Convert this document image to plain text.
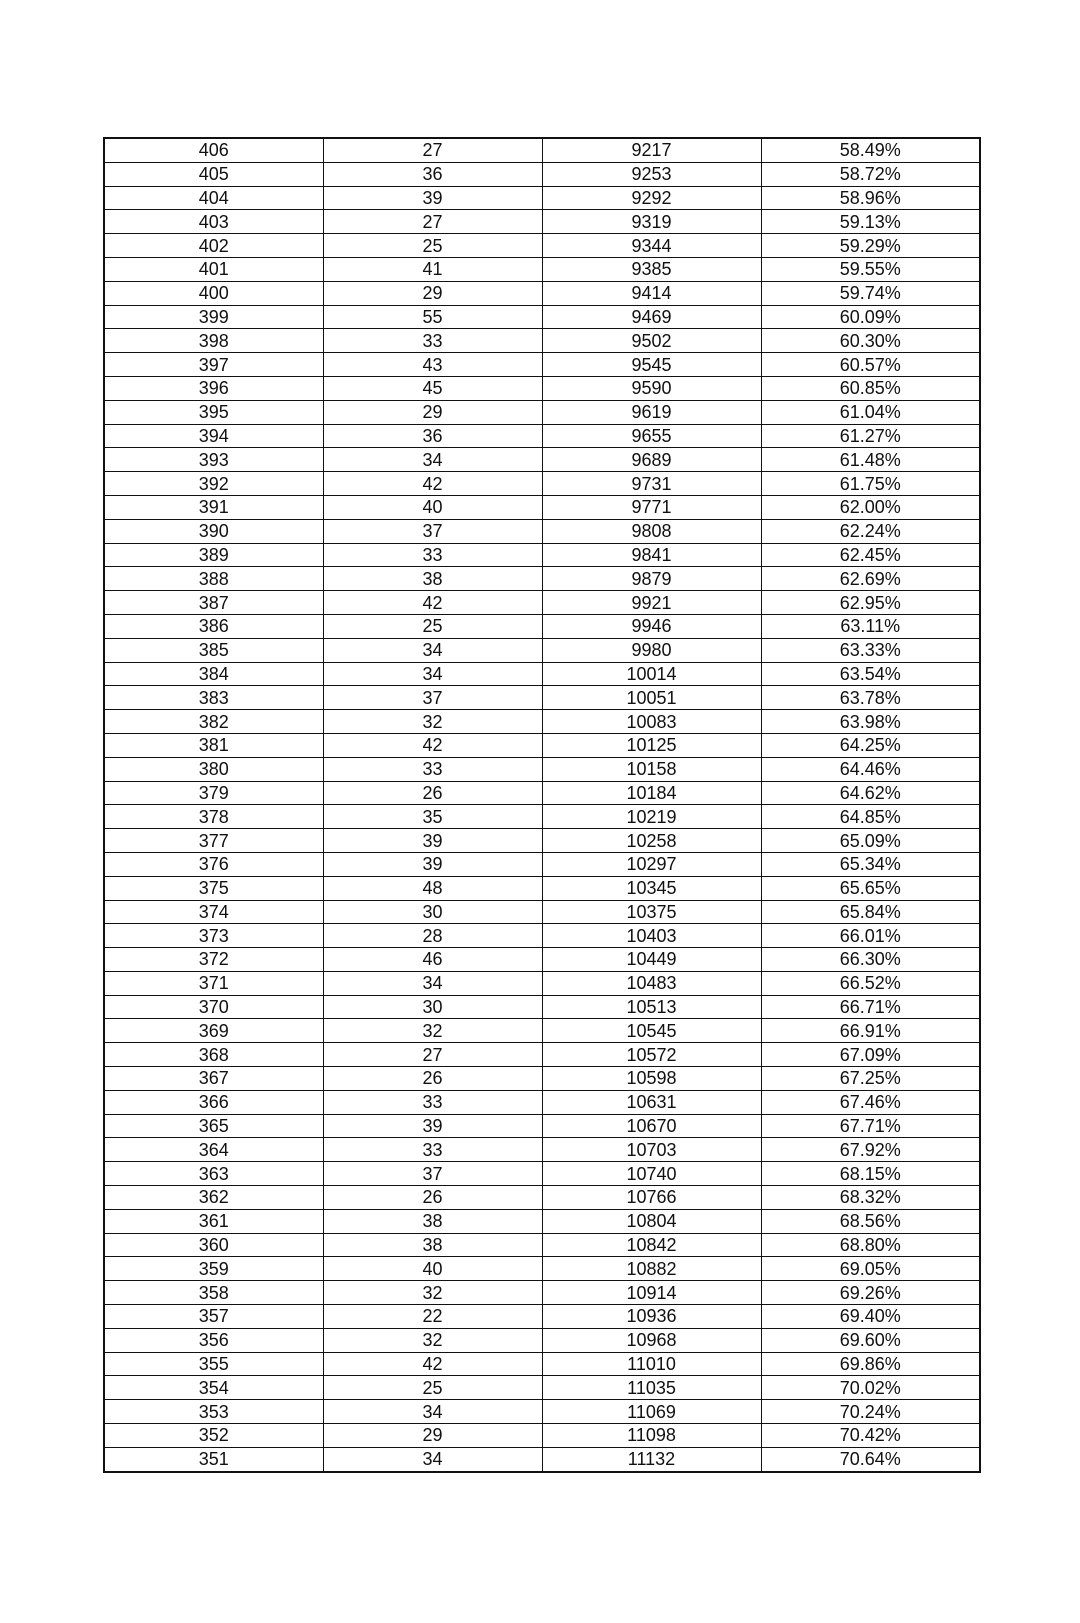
406	27	9217	58.49%
405	36	9253	58.72%
404	39	9292	58.96%
403	27	9319	59.13%
402	25	9344	59.29%
401	41	9385	59.55%
400	29	9414	59.74%
399	55	9469	60.09%
398	33	9502	60.30%
397	43	9545	60.57%
396	45	9590	60.85%
395	29	9619	61.04%
394	36	9655	61.27%
393	34	9689	61.48%
392	42	9731	61.75%
391	40	9771	62.00%
390	37	9808	62.24%
389	33	9841	62.45%
388	38	9879	62.69%
387	42	9921	62.95%
386	25	9946	63.11%
385	34	9980	63.33%
384	34	10014	63.54%
383	37	10051	63.78%
382	32	10083	63.98%
381	42	10125	64.25%
380	33	10158	64.46%
379	26	10184	64.62%
378	35	10219	64.85%
377	39	10258	65.09%
376	39	10297	65.34%
375	48	10345	65.65%
374	30	10375	65.84%
373	28	10403	66.01%
372	46	10449	66.30%
371	34	10483	66.52%
370	30	10513	66.71%
369	32	10545	66.91%
368	27	10572	67.09%
367	26	10598	67.25%
366	33	10631	67.46%
365	39	10670	67.71%
364	33	10703	67.92%
363	37	10740	68.15%
362	26	10766	68.32%
361	38	10804	68.56%
360	38	10842	68.80%
359	40	10882	69.05%
358	32	10914	69.26%
357	22	10936	69.40%
356	32	10968	69.60%
355	42	11010	69.86%
354	25	11035	70.02%
353	34	11069	70.24%
352	29	11098	70.42%
351	34	11132	70.64%
